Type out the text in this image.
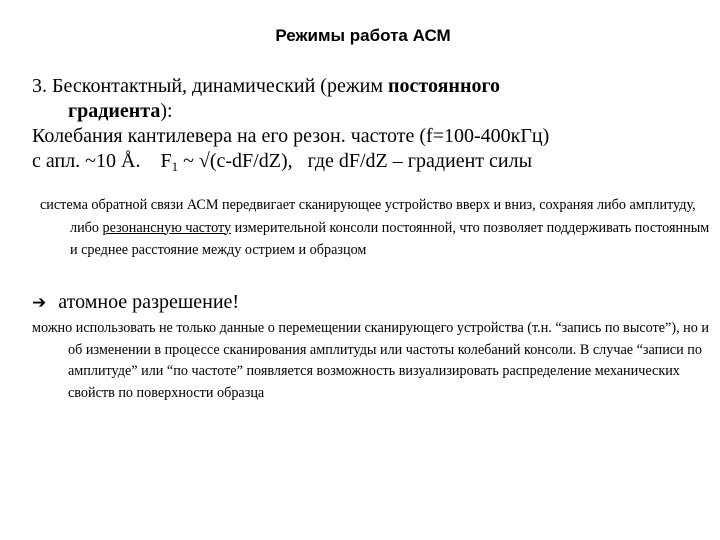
Режимы работа АСМ
3. Бесконтактный, динамический (режим постоянного
градиента):
Колебания кантилевера на его резон. частоте (f=100-400кГц)
с апл. ~10 Å.    $F_1$ ~ √(c-dF/dZ),   где dF/dZ – градиент силы

система обратной связи АСМ передвигает сканирующее устройство вверх и вниз, сохраняя либо амплитуду, либо резонансную частоту измерительной консоли постоянной, что позволяет поддерживать постоянным и среднее расстояние между острием и образцом

➔ атомное разрешение!

можно использовать не только данные о перемещении сканирующего устройства (т.н. “запись по высоте”), но и об изменении в процессе сканирования амплитуды или частоты колебаний консоли. В случае “записи по амплитуде” или “по частоте” появляется возможность визуализировать распределение механических свойств по поверхности образца
